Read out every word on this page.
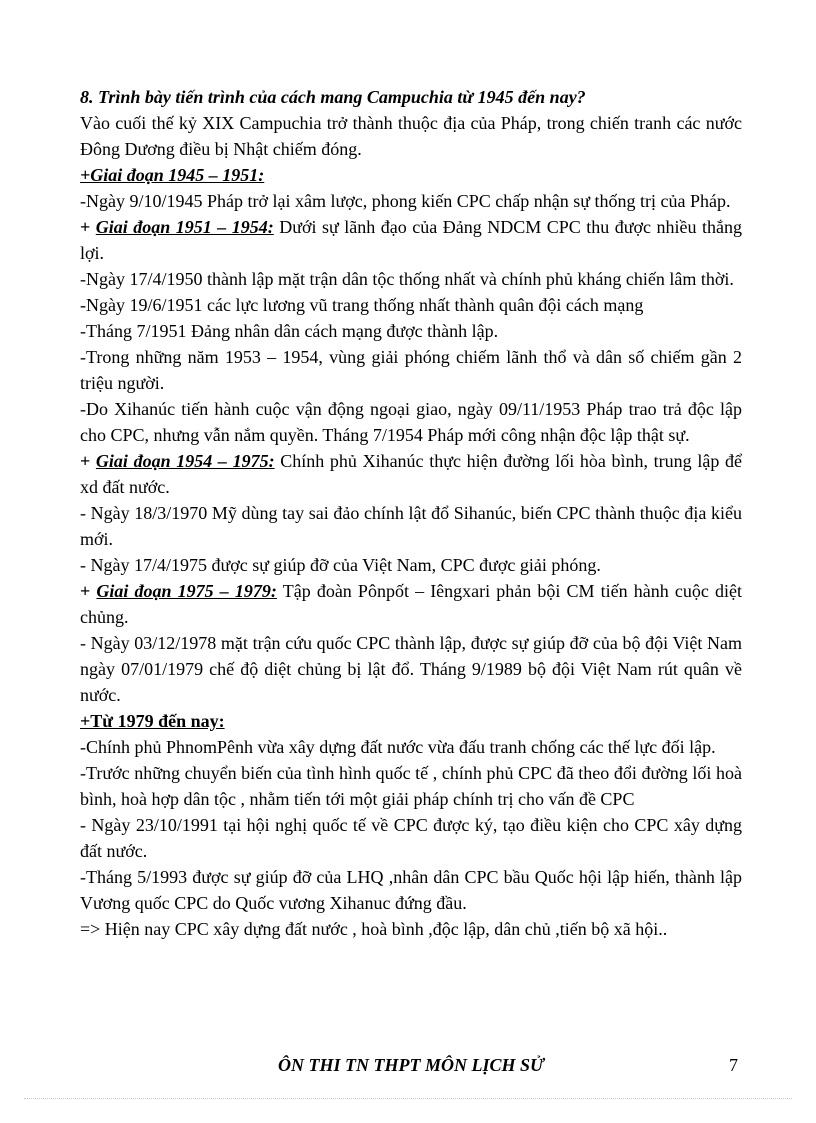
8. Trình bày tiến trình của cách mang Campuchia từ 1945 đến nay?

Vào cuối thế kỷ XIX Campuchia trở thành thuộc địa của Pháp, trong chiến tranh các nước Đông Dương điều bị Nhật chiếm đóng.

+Giai đoạn 1945 – 1951:

-Ngày 9/10/1945 Pháp trở lại xâm lược, phong kiến CPC chấp nhận sự thống trị của Pháp.

+ Giai đoạn 1951 – 1954: Dưới sự lãnh đạo của Đảng NDCM CPC thu được nhiều thắng lợi.

-Ngày 17/4/1950 thành lập mặt trận dân tộc thống nhất và chính phủ kháng chiến lâm thời.

-Ngày 19/6/1951 các lực lương vũ trang thống nhất thành quân đội cách mạng

-Tháng 7/1951 Đảng nhân dân cách mạng được thành lập.

-Trong những năm 1953 – 1954, vùng giải phóng chiếm lãnh thổ và dân số chiếm gần 2 triệu người.

-Do Xihanúc tiến hành cuộc vận động ngoại giao, ngày 09/11/1953 Pháp trao trả độc lập cho CPC, nhưng vẫn nắm quyền. Tháng 7/1954 Pháp mới công nhận độc lập thật sự.

+ Giai đoạn 1954 – 1975: Chính phủ Xihanúc thực hiện đường lối hòa bình, trung lập để xd đất nước.

- Ngày 18/3/1970 Mỹ dùng tay sai đảo chính lật đổ Sihanúc, biến CPC thành thuộc địa kiểu mới.

- Ngày 17/4/1975 được sự giúp đỡ của Việt Nam, CPC được giải phóng.

+ Giai đoạn 1975 – 1979: Tập đoàn Pônpốt – Iêngxari phản bội CM tiến hành cuộc diệt chủng.

- Ngày 03/12/1978 mặt trận cứu quốc CPC thành lập, được sự giúp đỡ của bộ đội Việt Nam ngày 07/01/1979 chế độ diệt chủng bị lật đổ. Tháng 9/1989 bộ đội Việt Nam rút quân về nước.

+Từ 1979 đến nay:

-Chính phủ PhnomPênh vừa xây dựng đất nước vừa đấu tranh chống các thế lực đối lập.

-Trước những chuyển biến của tình hình quốc tế , chính phủ CPC đã theo đổi đường lối hoà bình, hoà hợp dân tộc , nhằm tiến tới một giải pháp chính trị cho vấn đề CPC

- Ngày 23/10/1991 tại hội nghị quốc tế về CPC được ký, tạo điều kiện cho CPC xây dựng đất nước.

-Tháng 5/1993 được sự giúp đỡ của LHQ ,nhân dân CPC bầu Quốc hội lập hiến, thành lập Vương quốc CPC do Quốc vương Xihanuc đứng đầu.

=> Hiện nay CPC xây dựng đất nước , hoà bình ,độc lập, dân chủ ,tiến bộ xã hội..

ÔN THI TN THPT MÔN LỊCH SỬ	7
